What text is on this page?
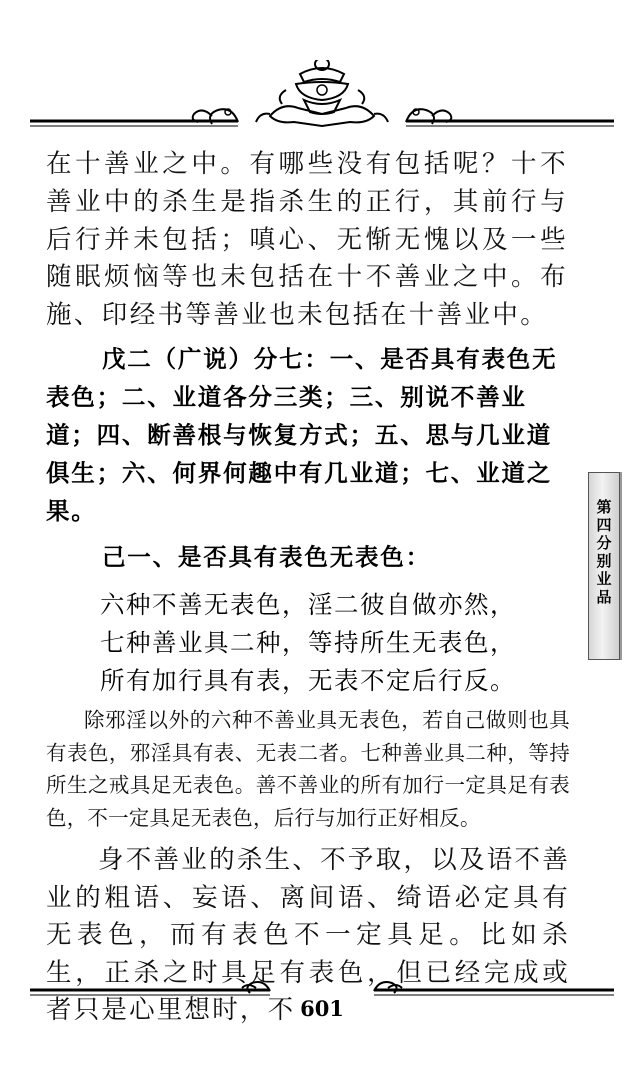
在十善业之中。有哪些没有包括呢？十不善业中的杀生是指杀生的正行，其前行与后行并未包括；嗔心、无惭无愧以及一些随眠烦恼等也未包括在十不善业之中。布施、印经书等善业也未包括在十善业中。

戊二（广说）分七：一、是否具有表色无表色；二、业道各分三类；三、别说不善业道；四、断善根与恢复方式；五、思与几业道俱生；六、何界何趣中有几业道；七、业道之果。

己一、是否具有表色无表色：

六种不善无表色，淫二彼自做亦然，
七种善业具二种，等持所生无表色，
所有加行具有表，无表不定后行反。

除邪淫以外的六种不善业具无表色，若自己做则也具有表色，邪淫具有表、无表二者。七种善业具二种，等持所生之戒具足无表色。善不善业的所有加行一定具足有表色，不一定具足无表色，后行与加行正好相反。

身不善业的杀生、不予取，以及语不善业的粗语、妄语、离间语、绮语必定具有无表色，而有表色不一定具足。比如杀生，正杀之时具足有表色，但已经完成或者只是心里想时，不

第四分别业品
601
